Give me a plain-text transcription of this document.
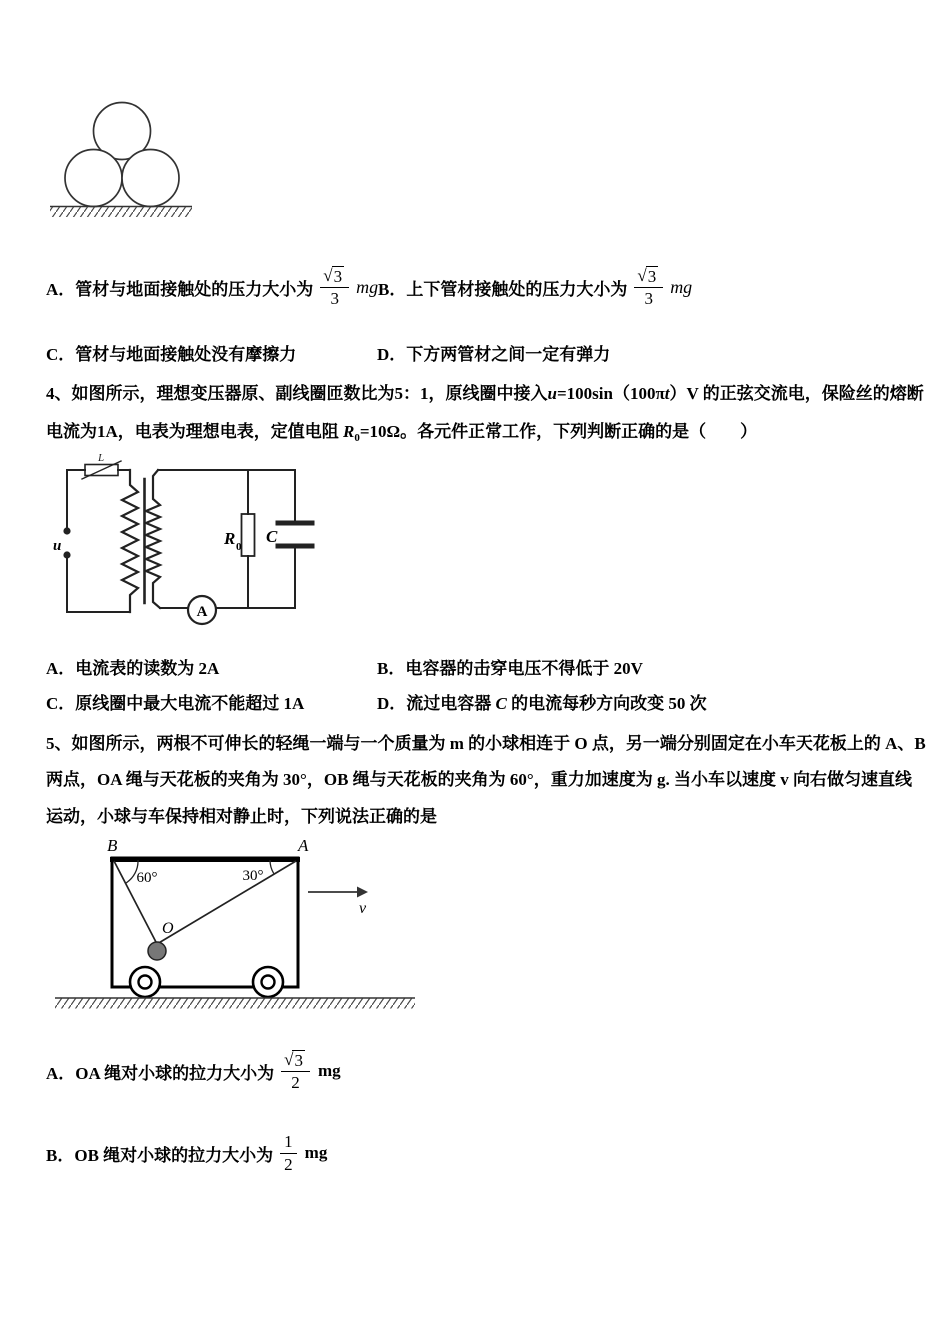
A． 管材与地面接触处的压力大小为 $\frac{√ 3}{3}$ mg B． 上下管材接触处的压力大小为 $\frac{√ 3}{3}$ mg
C．管材与地面接触处没有摩擦力	D．下方两管材之间一定有弹力
4、如图所示，理想变压器原、副线圈匝数比为5：1，原线圈中接入u=100sin（100πt）V 的正弦交流电，保险丝的熔断
电流为1A，电表为理想电表，定值电阻 $R_0=10\Omega$。各元件正常工作，下列判断正确的是（　　）
L
u	R 0
C
A
A．电流表的读数为 2A	B．电容器的击穿电压不得低于 20V
C．原线圈中最大电流不能超过 1A	D．流过电容器 C 的电流每秒方向改变 50 次
5、如图所示，两根不可伸长的轻绳一端与一个质量为 m 的小球相连于 O 点，另一端分别固定在小车天花板上的 A、B
两点，OA 绳与天花板的夹角为 30°，OB 绳与天花板的夹角为 60°，重力加速度为 g. 当小车以速度 v 向右做匀速直线
运动，小球与车保持相对静止时，下列说法正确的是
B	A
60°	30°
O
v
A． OA 绳对小球的拉力大小为 $\frac{√ 3}{2}$ mg
B． OB 绳对小球的拉力大小为 $\frac{1}{2}$ mg
